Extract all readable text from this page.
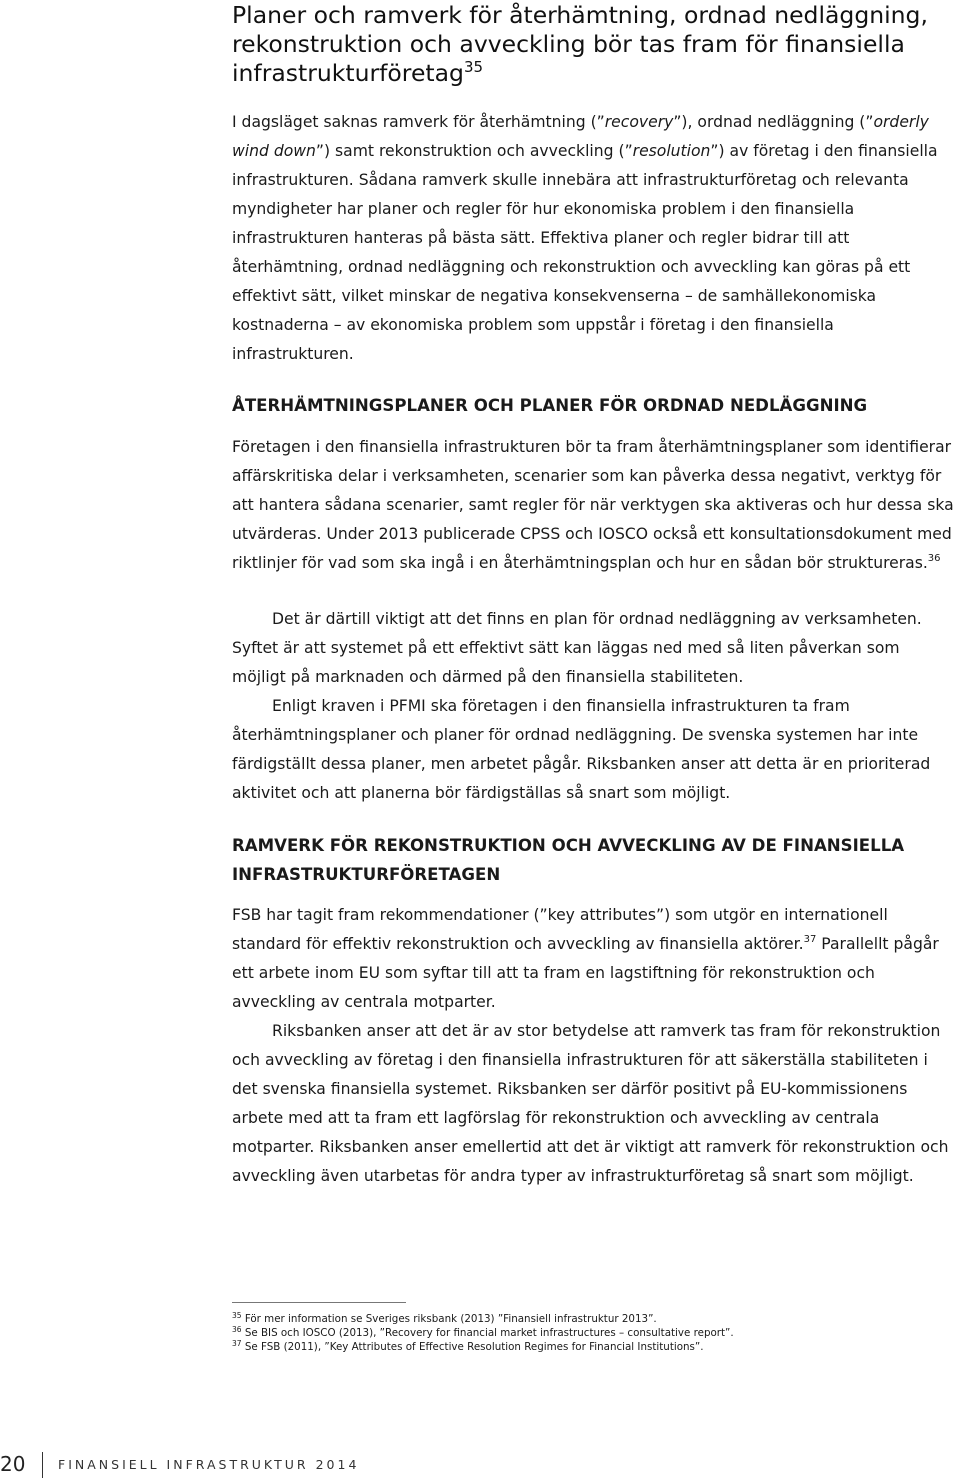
Planer och ramverk för återhämtning, ordnad nedläggning, rekonstruktion och avveckling bör tas fram för finansiella infrastrukturföretag$^{35}$

I dagsläget saknas ramverk för återhämtning (”recovery”), ordnad nedläggning (”orderly wind down”) samt rekonstruktion och avveckling (”resolution”) av företag i den finansiella infrastrukturen. Sådana ramverk skulle innebära att infrastrukturföretag och relevanta myndigheter har planer och regler för hur ekonomiska problem i den finansiella infrastrukturen hanteras på bästa sätt. Effektiva planer och regler bidrar till att återhämtning, ordnad nedläggning och rekonstruktion och avveckling kan göras på ett effektivt sätt, vilket minskar de negativa konsekvenserna – de samhällekonomiska kostnaderna – av ekonomiska problem som uppstår i företag i den finansiella infrastrukturen.

ÅTERHÄMTNINGSPLANER OCH PLANER FÖR ORDNAD NEDLÄGGNING

Företagen i den finansiella infrastrukturen bör ta fram återhämtningsplaner som identifierar affärskritiska delar i verksamheten, scenarier som kan påverka dessa negativt, verktyg för att hantera sådana scenarier, samt regler för när verktygen ska aktiveras och hur dessa ska utvärderas. Under 2013 publicerade CPSS och IOSCO också ett konsultationsdokument med riktlinjer för vad som ska ingå i en återhämtningsplan och hur en sådan bör struktureras.$^{36}$

Det är därtill viktigt att det finns en plan för ordnad nedläggning av verksamheten. Syftet är att systemet på ett effektivt sätt kan läggas ned med så liten påverkan som möjligt på marknaden och därmed på den finansiella stabiliteten.

Enligt kraven i PFMI ska företagen i den finansiella infrastrukturen ta fram återhämtningsplaner och planer för ordnad nedläggning. De svenska systemen har inte färdigställt dessa planer, men arbetet pågår. Riksbanken anser att detta är en prioriterad aktivitet och att planerna bör färdigställas så snart som möjligt.

RAMVERK FÖR REKONSTRUKTION OCH AVVECKLING AV DE FINANSIELLA INFRASTRUKTURFÖRETAGEN

FSB har tagit fram rekommendationer (”key attributes”) som utgör en internationell standard för effektiv rekonstruktion och avveckling av finansiella aktörer.$^{37}$ Parallellt pågår ett arbete inom EU som syftar till att ta fram en lagstiftning för rekonstruktion och avveckling av centrala motparter.

Riksbanken anser att det är av stor betydelse att ramverk tas fram för rekonstruktion och avveckling av företag i den finansiella infrastrukturen för att säkerställa stabiliteten i det svenska finansiella systemet. Riksbanken ser därför positivt på EU-kommissionens arbete med att ta fram ett lagförslag för rekonstruktion och avveckling av centrala motparter. Riksbanken anser emellertid att det är viktigt att ramverk för rekonstruktion och avveckling även utarbetas för andra typer av infrastrukturföretag så snart som möjligt.

$^{35}$ För mer information se Sveriges riksbank (2013) ”Finansiell infrastruktur 2013”.
$^{36}$ Se BIS och IOSCO (2013), ”Recovery for financial market infrastructures – consultative report”.
$^{37}$ Se FSB (2011), ”Key Attributes of Effective Resolution Regimes for Financial Institutions”.
20	FINANSIELL INFRASTRUKTUR 2014
